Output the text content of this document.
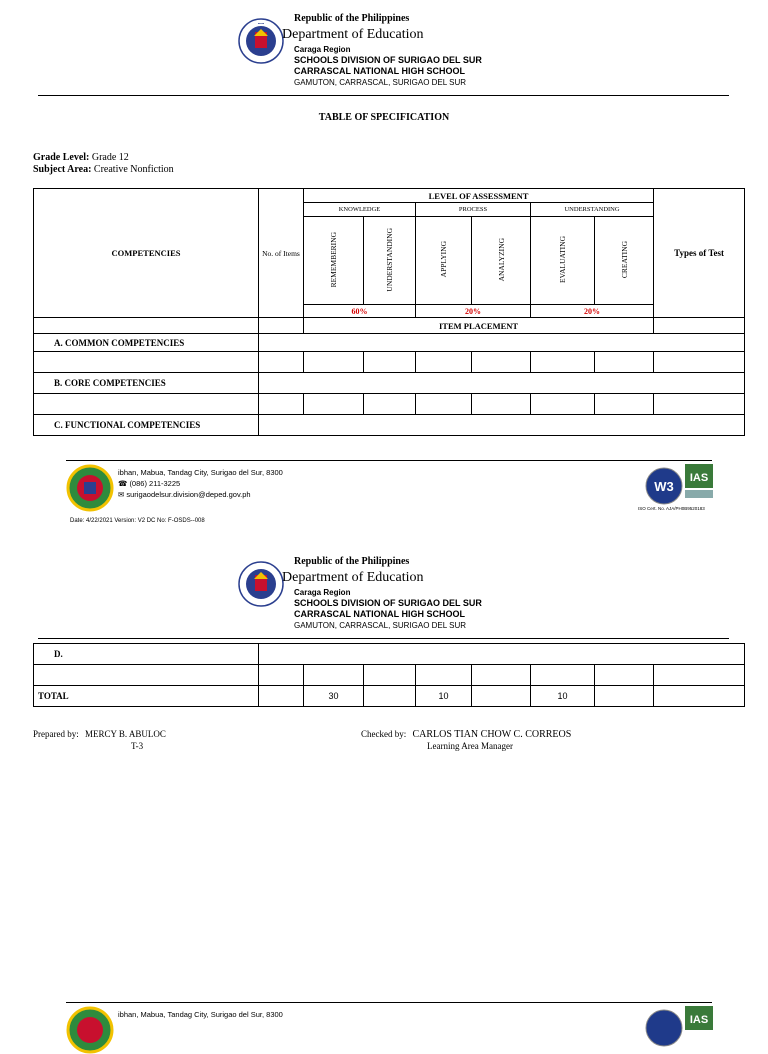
•••••	Republic of the Philippines
Department of Education
Caraga Region
SCHOOLS DIVISION OF SURIGAO DEL SUR
CARRASCAL NATIONAL HIGH SCHOOL
GAMUTON, CARRASCAL, SURIGAO DEL SUR
TABLE OF SPECIFICATION
Grade Level: Grade 12
Subject Area: Creative Nonfiction
COMPETENCIES	No. of Items	LEVEL OF ASSESSMENT						Types of Test
		KNOWLEDGE		PROCESS		UNDERSTANDING		
		REMEMBERING	UNDERSTANDING	APPLYING	ANALYZING	EVALUATING	CREATING	
		60%		20%		20%		
		ITEM PLACEMENT						
A. COMMON COMPETENCIES								

B. CORE COMPETENCIES								

C. FUNCTIONAL COMPETENCIES								
ibhan, Mabua, Tandag City, Surigao del Sur, 8300
☎ (086) 211-3225
✉ surigaodelsur.division@deped.gov.ph
Date: 4/22/2021 Version: V2 DC No: F-OSDS--008
W3
IAS
ISO Cert. No. AJA/PH0B9520183
Republic of the Philippines
Department of Education
Caraga Region
SCHOOLS DIVISION OF SURIGAO DEL SUR
CARRASCAL NATIONAL HIGH SCHOOL
GAMUTON, CARRASCAL, SURIGAO DEL SUR
D.								

TOTAL		30		10		10		
Prepared by: MERCY B. ABULOC
T-3
Checked by: CARLOS TIAN CHOW C. CORREOS
Learning Area Manager
ibhan, Mabua, Tandag City, Surigao del Sur, 8300	IAS
